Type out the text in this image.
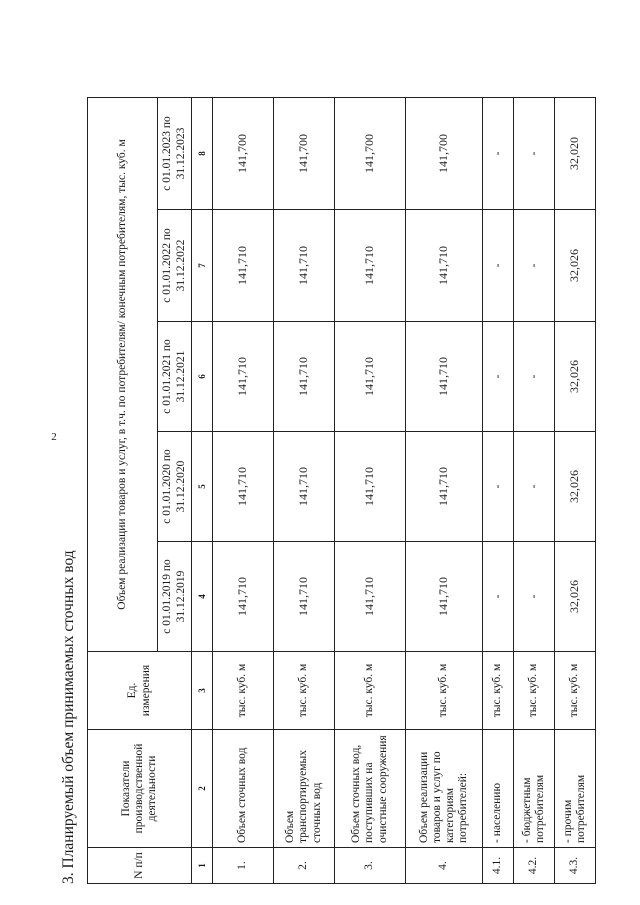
2
3. Планируемый объем принимаемых сточных вод	N п/п	Показатели производственной деятельности	Ед. измерения	Объем реализации товаров и услуг, в т.ч. по потребителям/ конечным потребителям, тыс. куб. м				
			с 01.01.2019 по 31.12.2019	с 01.01.2020 по 31.12.2020	с 01.01.2021 по 31.12.2021	с 01.01.2022 по 31.12.2022	с 01.01.2023 по 31.12.2023
1	2	3	4	5	6	7	8
1.	Объем сточных вод	тыс. куб. м	141,710	141,710	141,710	141,710	141,700
2.	Объем транспортируемых сточных вод	тыс. куб. м	141,710	141,710	141,710	141,710	141,700
3.	Объем сточных вод, поступивших на очистные сооружения	тыс. куб. м	141,710	141,710	141,710	141,710	141,700
4.	Объем реализации товаров и услуг по категориям потребителей:	тыс. куб. м	141,710	141,710	141,710	141,710	141,700
4.1.	- населению	тыс. куб. м	-	-	-	-	-
4.2.	- бюджетным потребителям	тыс. куб. м	-	-	-	-	-
4.3.	- прочим потребителям	тыс. куб. м	32,026	32,026	32,026	32,026	32,020
